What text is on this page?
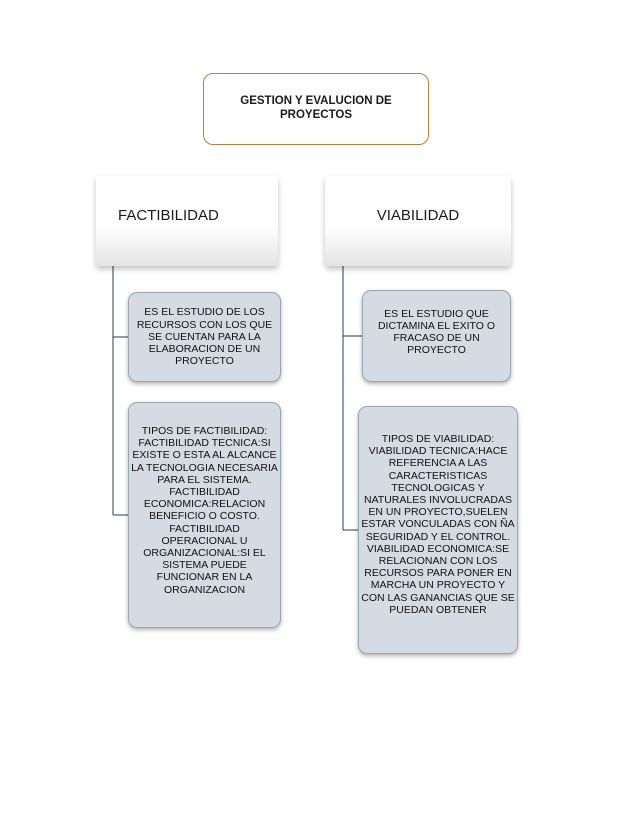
GESTION Y EVALUCION DE PROYECTOS
FACTIBILIDAD	VIABILIDAD

ES EL ESTUDIO DE LOS RECURSOS CON LOS QUE SE CUENTAN PARA LA ELABORACION DE UN PROYECTO

ES EL ESTUDIO QUE DICTAMINA EL EXITO O FRACASO DE UN PROYECTO

TIPOS DE FACTIBILIDAD:

FACTIBILIDAD TECNICA:SI EXISTE O ESTA AL ALCANCE LA TECNOLOGIA NECESARIA PARA EL SISTEMA.

FACTIBILIDAD ECONOMICA:RELACION BENEFICIO O COSTO.

FACTIBILIDAD OPERACIONAL U ORGANIZACIONAL:SI EL SISTEMA PUEDE FUNCIONAR EN LA ORGANIZACION

TIPOS DE VIABILIDAD:

VIABILIDAD TECNICA:HACE REFERENCIA A LAS CARACTERISTICAS TECNOLOGICAS Y NATURALES INVOLUCRADAS EN UN PROYECTO,SUELEN ESTAR VONCULADAS CON ÑA SEGURIDAD Y EL CONTROL.

VIABILIDAD ECONOMICA:SE RELACIONAN CON LOS RECURSOS PARA PONER EN MARCHA UN PROYECTO Y CON LAS GANANCIAS QUE SE PUEDAN OBTENER
